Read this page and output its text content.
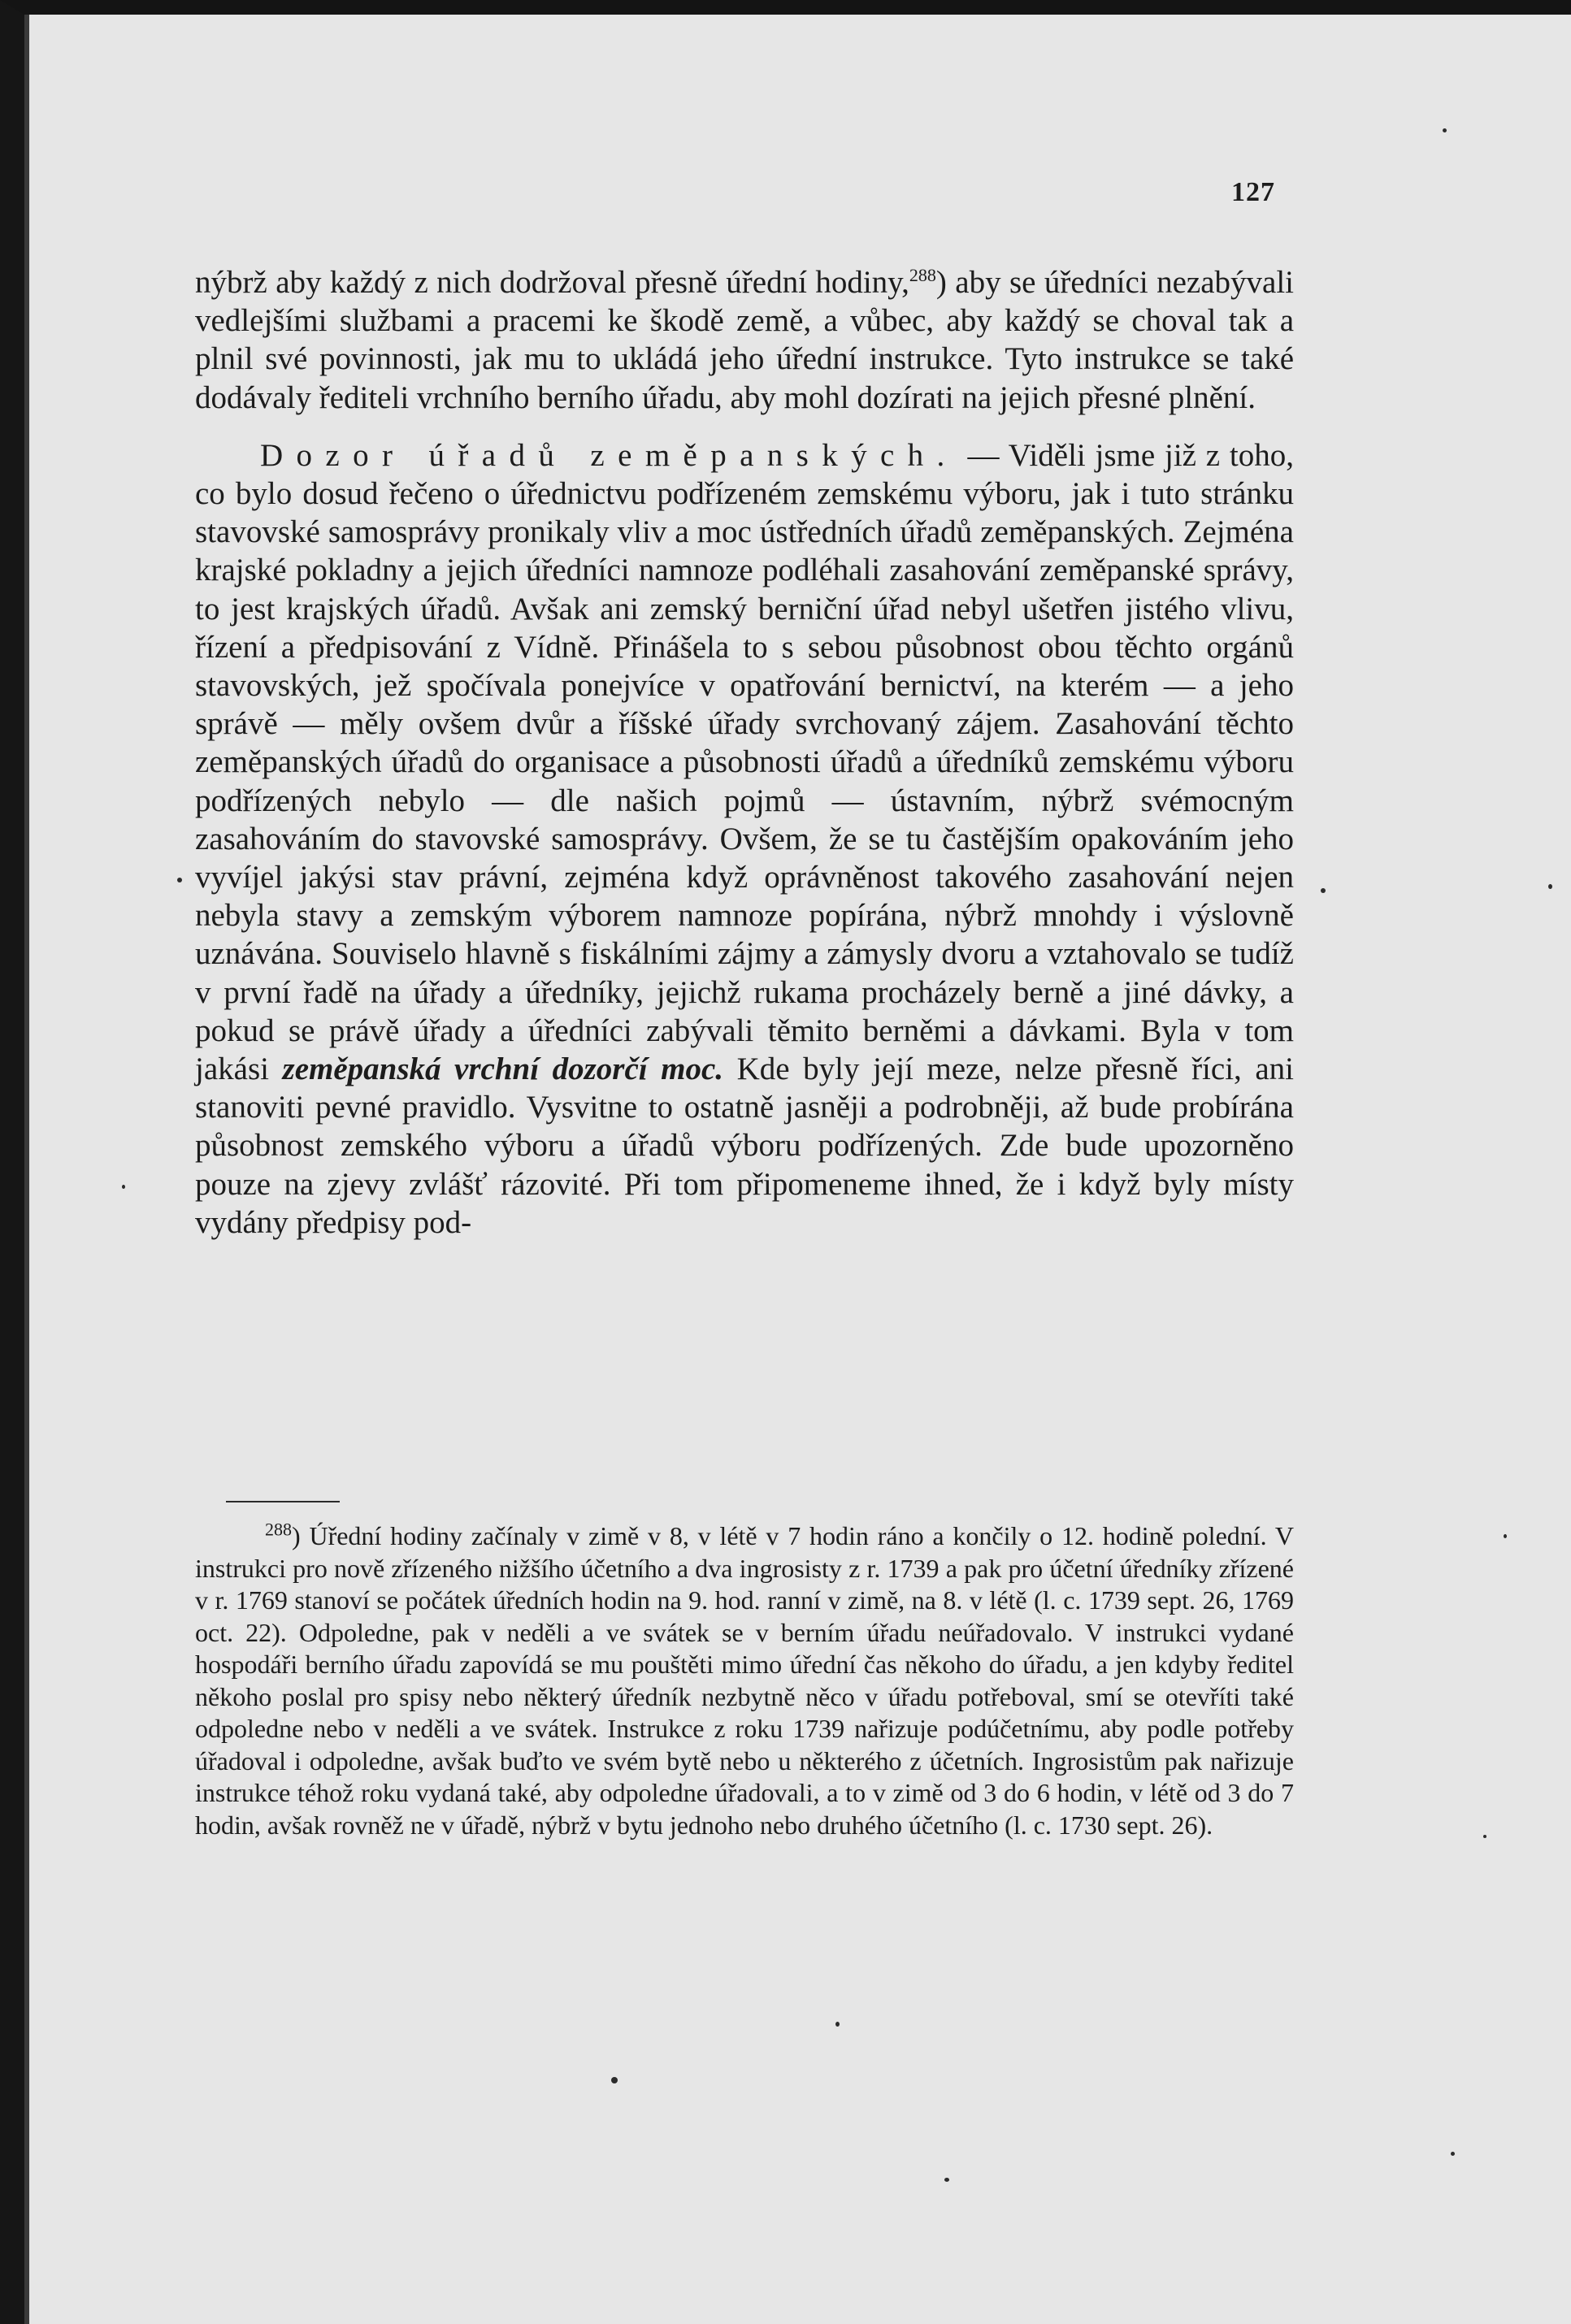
127

nýbrž aby každý z nich dodržoval přesně úřední hodiny,$^{288}$) aby se úředníci nezabývali vedlejšími službami a pracemi ke škodě země, a vůbec, aby každý se choval tak a plnil své povinnosti, jak mu to ukládá jeho úřední instrukce. Tyto instrukce se také dodávaly řediteli vrchního berního úřadu, aby mohl dozírati na jejich přesné plnění.

Dozor úřadů zeměpanských. — Viděli jsme již z toho, co bylo dosud řečeno o úřednictvu podřízeném zemskému výboru, jak i tuto stránku stavovské samosprávy pronikaly vliv a moc ústředních úřadů zeměpanských. Zejména krajské pokladny a jejich úředníci namnoze podléhali zasahování zeměpanské správy, to jest krajských úřadů. Avšak ani zemský berniční úřad nebyl ušetřen jistého vlivu, řízení a předpisování z Vídně. Přinášela to s sebou působnost obou těchto orgánů stavovských, jež spočívala ponejvíce v opatřování bernictví, na kterém — a jeho správě — měly ovšem dvůr a říšské úřady svrchovaný zájem. Zasahování těchto zeměpanských úřadů do organisace a působnosti úřadů a úředníků zemskému výboru podřízených nebylo — dle našich pojmů — ústavním, nýbrž svémocným zasahováním do stavovské samosprávy. Ovšem, že se tu častějším opakováním jeho vyvíjel jakýsi stav právní, zejména když oprávněnost takového zasahování nejen nebyla stavy a zemským výborem namnoze popírána, nýbrž mnohdy i výslovně uznávána. Souviselo hlavně s fiskálními zájmy a zámysly dvoru a vztahovalo se tudíž v první řadě na úřady a úředníky, jejichž rukama procházely berně a jiné dávky, a pokud se právě úřady a úředníci zabývali těmito berněmi a dávkami. Byla v tom jakási zeměpanská vrchní dozorčí moc. Kde byly její meze, nelze přesně říci, ani stanoviti pevné pravidlo. Vysvitne to ostatně jasněji a podrobněji, až bude probírána působnost zemského výboru a úřadů výboru podřízených. Zde bude upozorněno pouze na zjevy zvlášť rázovité. Při tom připomeneme ihned, že i když byly místy vydány předpisy pod-

$^{288}$) Úřední hodiny začínaly v zimě v 8, v létě v 7 hodin ráno a končily o 12. hodině polední. V instrukci pro nově zřízeného nižšího účetního a dva ingrosisty z r. 1739 a pak pro účetní úředníky zřízené v r. 1769 stanoví se počátek úředních hodin na 9. hod. ranní v zimě, na 8. v létě (l. c. 1739 sept. 26, 1769 oct. 22). Odpoledne, pak v neděli a ve svátek se v berním úřadu neúřadovalo. V instrukci vydané hospodáři berního úřadu zapovídá se mu pouštěti mimo úřední čas někoho do úřadu, a jen kdyby ředitel někoho poslal pro spisy nebo některý úředník nezbytně něco v úřadu potřeboval, smí se otevříti také odpoledne nebo v neděli a ve svátek. Instrukce z roku 1739 nařizuje podúčetnímu, aby podle potřeby úřadoval i odpoledne, avšak buďto ve svém bytě nebo u některého z účetních. Ingrosistům pak nařizuje instrukce téhož roku vydaná také, aby odpoledne úřadovali, a to v zimě od 3 do 6 hodin, v létě od 3 do 7 hodin, avšak rovněž ne v úřadě, nýbrž v bytu jednoho nebo druhého účetního (l. c. 1730 sept. 26).
